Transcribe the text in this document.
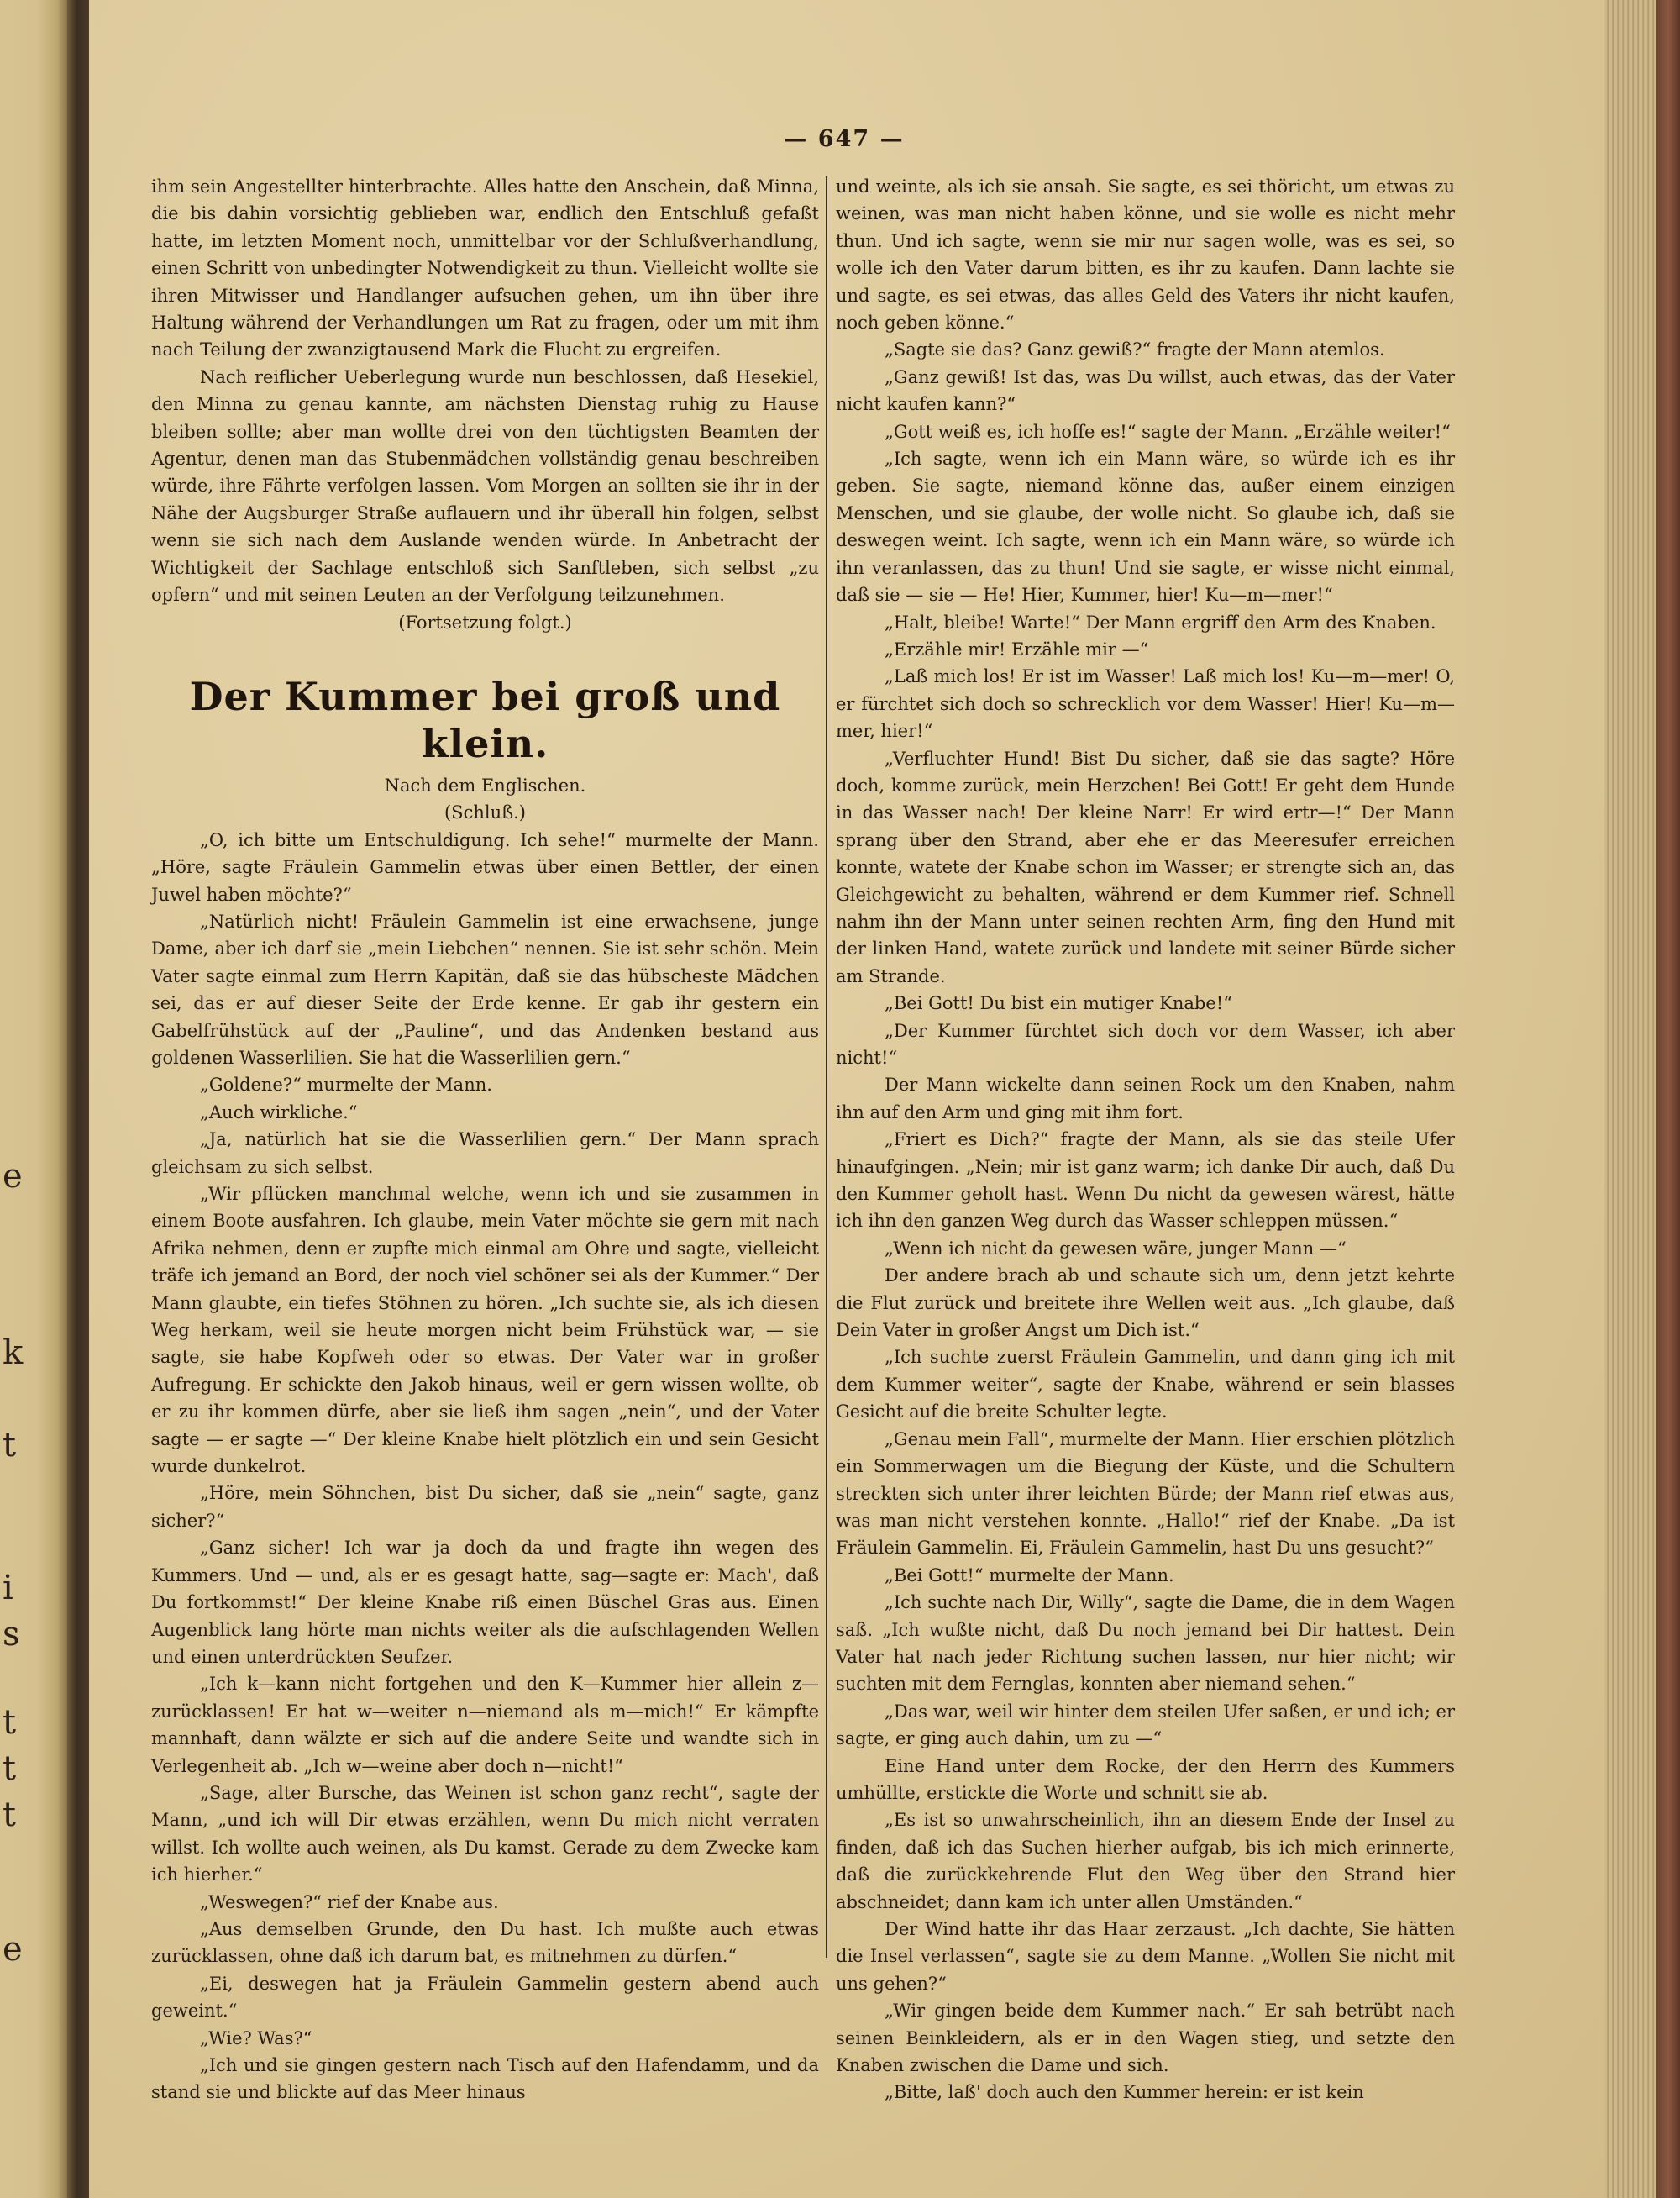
e
k
t
i
s
t
t
t
e
— 647 —

ihm sein Angestellter hinterbrachte. Alles hatte den Anschein, daß Minna, die bis dahin vorsichtig geblieben war, endlich den Entschluß gefaßt hatte, im letzten Moment noch, unmittelbar vor der Schlußverhandlung, einen Schritt von unbedingter Notwendigkeit zu thun. Vielleicht wollte sie ihren Mitwisser und Handlanger aufsuchen gehen, um ihn über ihre Haltung während der Verhandlungen um Rat zu fragen, oder um mit ihm nach Teilung der zwanzigtausend Mark die Flucht zu ergreifen.

Nach reiflicher Ueberlegung wurde nun beschlossen, daß Hesekiel, den Minna zu genau kannte, am nächsten Dienstag ruhig zu Hause bleiben sollte; aber man wollte drei von den tüchtigsten Beamten der Agentur, denen man das Stubenmädchen vollständig genau beschreiben würde, ihre Fährte verfolgen lassen. Vom Morgen an sollten sie ihr in der Nähe der Augsburger Straße auflauern und ihr überall hin folgen, selbst wenn sie sich nach dem Auslande wenden würde. In Anbetracht der Wichtigkeit der Sachlage entschloß sich Sanftleben, sich selbst „zu opfern“ und mit seinen Leuten an der Verfolgung teilzunehmen.

(Fortsetzung folgt.)

Der Kummer bei groß und klein.

Nach dem Englischen.

(Schluß.)

„O, ich bitte um Entschuldigung. Ich sehe!“ murmelte der Mann. „Höre, sagte Fräulein Gammelin etwas über einen Bettler, der einen Juwel haben möchte?“

„Natürlich nicht! Fräulein Gammelin ist eine erwachsene, junge Dame, aber ich darf sie „mein Liebchen“ nennen. Sie ist sehr schön. Mein Vater sagte einmal zum Herrn Kapitän, daß sie das hübscheste Mädchen sei, das er auf dieser Seite der Erde kenne. Er gab ihr gestern ein Gabelfrühstück auf der „Pauline“, und das Andenken bestand aus goldenen Wasserlilien. Sie hat die Wasserlilien gern.“

„Goldene?“ murmelte der Mann.

„Auch wirkliche.“

„Ja, natürlich hat sie die Wasserlilien gern.“ Der Mann sprach gleichsam zu sich selbst.

„Wir pflücken manchmal welche, wenn ich und sie zusammen in einem Boote ausfahren. Ich glaube, mein Vater möchte sie gern mit nach Afrika nehmen, denn er zupfte mich einmal am Ohre und sagte, vielleicht träfe ich jemand an Bord, der noch viel schöner sei als der Kummer.“ Der Mann glaubte, ein tiefes Stöhnen zu hören. „Ich suchte sie, als ich diesen Weg herkam, weil sie heute morgen nicht beim Frühstück war, — sie sagte, sie habe Kopfweh oder so etwas. Der Vater war in großer Aufregung. Er schickte den Jakob hinaus, weil er gern wissen wollte, ob er zu ihr kommen dürfe, aber sie ließ ihm sagen „nein“, und der Vater sagte — er sagte —“ Der kleine Knabe hielt plötzlich ein und sein Gesicht wurde dunkelrot.

„Höre, mein Söhnchen, bist Du sicher, daß sie „nein“ sagte, ganz sicher?“

„Ganz sicher! Ich war ja doch da und fragte ihn wegen des Kummers. Und — und, als er es gesagt hatte, sag—sagte er: Mach', daß Du fortkommst!“ Der kleine Knabe riß einen Büschel Gras aus. Einen Augenblick lang hörte man nichts weiter als die aufschlagenden Wellen und einen unterdrückten Seufzer.

„Ich k—kann nicht fortgehen und den K—Kummer hier allein z—zurücklassen! Er hat w—weiter n—niemand als m—mich!“ Er kämpfte mannhaft, dann wälzte er sich auf die andere Seite und wandte sich in Verlegenheit ab. „Ich w—weine aber doch n—nicht!“

„Sage, alter Bursche, das Weinen ist schon ganz recht“, sagte der Mann, „und ich will Dir etwas erzählen, wenn Du mich nicht verraten willst. Ich wollte auch weinen, als Du kamst. Gerade zu dem Zwecke kam ich hierher.“

„Weswegen?“ rief der Knabe aus.

„Aus demselben Grunde, den Du hast. Ich mußte auch etwas zurücklassen, ohne daß ich darum bat, es mitnehmen zu dürfen.“

„Ei, deswegen hat ja Fräulein Gammelin gestern abend auch geweint.“

„Wie? Was?“

„Ich und sie gingen gestern nach Tisch auf den Hafendamm, und da stand sie und blickte auf das Meer hinaus

und weinte, als ich sie ansah. Sie sagte, es sei thöricht, um etwas zu weinen, was man nicht haben könne, und sie wolle es nicht mehr thun. Und ich sagte, wenn sie mir nur sagen wolle, was es sei, so wolle ich den Vater darum bitten, es ihr zu kaufen. Dann lachte sie und sagte, es sei etwas, das alles Geld des Vaters ihr nicht kaufen, noch geben könne.“

„Sagte sie das? Ganz gewiß?“ fragte der Mann atemlos.

„Ganz gewiß! Ist das, was Du willst, auch etwas, das der Vater nicht kaufen kann?“

„Gott weiß es, ich hoffe es!“ sagte der Mann. „Erzähle weiter!“

„Ich sagte, wenn ich ein Mann wäre, so würde ich es ihr geben. Sie sagte, niemand könne das, außer einem einzigen Menschen, und sie glaube, der wolle nicht. So glaube ich, daß sie deswegen weint. Ich sagte, wenn ich ein Mann wäre, so würde ich ihn veranlassen, das zu thun! Und sie sagte, er wisse nicht einmal, daß sie — sie — He! Hier, Kummer, hier! Ku—m—mer!“

„Halt, bleibe! Warte!“ Der Mann ergriff den Arm des Knaben.

„Erzähle mir! Erzähle mir —“

„Laß mich los! Er ist im Wasser! Laß mich los! Ku—m—mer! O, er fürchtet sich doch so schrecklich vor dem Wasser! Hier! Ku—m—mer, hier!“

„Verfluchter Hund! Bist Du sicher, daß sie das sagte? Höre doch, komme zurück, mein Herzchen! Bei Gott! Er geht dem Hunde in das Wasser nach! Der kleine Narr! Er wird ertr—!“ Der Mann sprang über den Strand, aber ehe er das Meeresufer erreichen konnte, watete der Knabe schon im Wasser; er strengte sich an, das Gleichgewicht zu behalten, während er dem Kummer rief. Schnell nahm ihn der Mann unter seinen rechten Arm, fing den Hund mit der linken Hand, watete zurück und landete mit seiner Bürde sicher am Strande.

„Bei Gott! Du bist ein mutiger Knabe!“

„Der Kummer fürchtet sich doch vor dem Wasser, ich aber nicht!“

Der Mann wickelte dann seinen Rock um den Knaben, nahm ihn auf den Arm und ging mit ihm fort.

„Friert es Dich?“ fragte der Mann, als sie das steile Ufer hinaufgingen. „Nein; mir ist ganz warm; ich danke Dir auch, daß Du den Kummer geholt hast. Wenn Du nicht da gewesen wärest, hätte ich ihn den ganzen Weg durch das Wasser schleppen müssen.“

„Wenn ich nicht da gewesen wäre, junger Mann —“

Der andere brach ab und schaute sich um, denn jetzt kehrte die Flut zurück und breitete ihre Wellen weit aus. „Ich glaube, daß Dein Vater in großer Angst um Dich ist.“

„Ich suchte zuerst Fräulein Gammelin, und dann ging ich mit dem Kummer weiter“, sagte der Knabe, während er sein blasses Gesicht auf die breite Schulter legte.

„Genau mein Fall“, murmelte der Mann. Hier erschien plötzlich ein Sommerwagen um die Biegung der Küste, und die Schultern streckten sich unter ihrer leichten Bürde; der Mann rief etwas aus, was man nicht verstehen konnte. „Hallo!“ rief der Knabe. „Da ist Fräulein Gammelin. Ei, Fräulein Gammelin, hast Du uns gesucht?“

„Bei Gott!“ murmelte der Mann.

„Ich suchte nach Dir, Willy“, sagte die Dame, die in dem Wagen saß. „Ich wußte nicht, daß Du noch jemand bei Dir hattest. Dein Vater hat nach jeder Richtung suchen lassen, nur hier nicht; wir suchten mit dem Fernglas, konnten aber niemand sehen.“

„Das war, weil wir hinter dem steilen Ufer saßen, er und ich; er sagte, er ging auch dahin, um zu —“

Eine Hand unter dem Rocke, der den Herrn des Kummers umhüllte, erstickte die Worte und schnitt sie ab.

„Es ist so unwahrscheinlich, ihn an diesem Ende der Insel zu finden, daß ich das Suchen hierher aufgab, bis ich mich erinnerte, daß die zurückkehrende Flut den Weg über den Strand hier abschneidet; dann kam ich unter allen Umständen.“

Der Wind hatte ihr das Haar zerzaust. „Ich dachte, Sie hätten die Insel verlassen“, sagte sie zu dem Manne. „Wollen Sie nicht mit uns gehen?“

„Wir gingen beide dem Kummer nach.“ Er sah betrübt nach seinen Beinkleidern, als er in den Wagen stieg, und setzte den Knaben zwischen die Dame und sich.

„Bitte, laß' doch auch den Kummer herein: er ist kein
